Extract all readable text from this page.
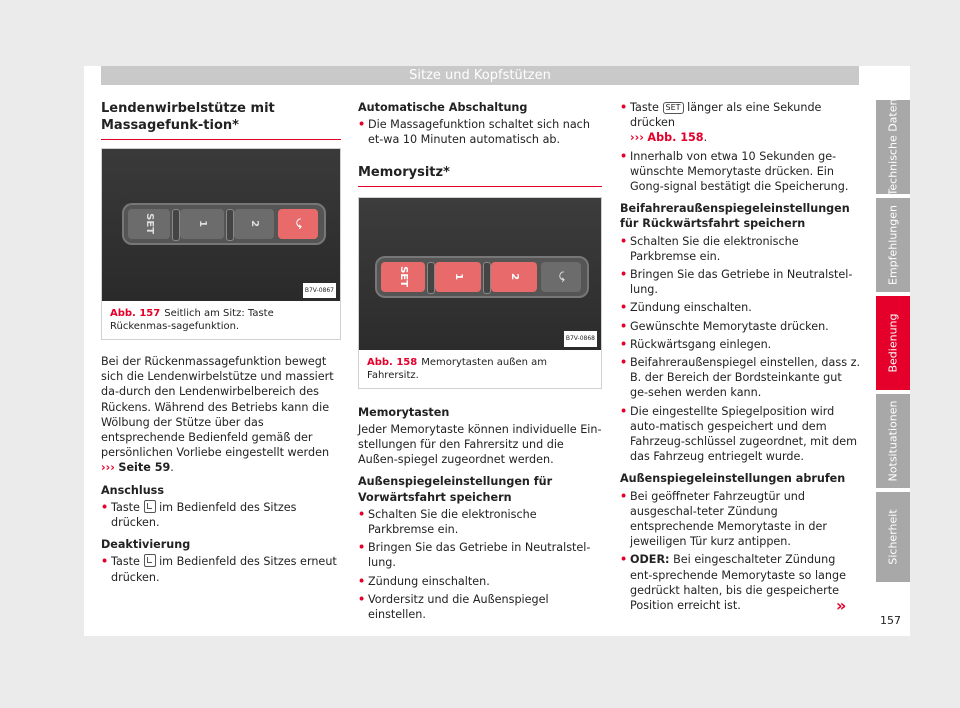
Sitze und Kopfstützen
Lendenwirbelstütze mit Massagefunk-tion*
SET	1	2	⤻
B7V-0867
Abb. 157 Seitlich am Sitz: Taste Rückenmas-sagefunktion.

Bei der Rückenmassagefunktion bewegt sich die Lendenwirbelstütze und massiert da-durch den Lendenwirbelbereich des Rückens. Während des Betriebs kann die Wölbung der Stütze über das entsprechende Bedienfeld gemäß der persönlichen Vorliebe eingestellt werden ››› Seite 59.

Anschluss
• Taste im Bedienfeld des Sitzes drücken.
Deaktivierung
• Taste im Bedienfeld des Sitzes erneut drücken.
Automatische Abschaltung
• Die Massagefunktion schaltet sich nach et-wa 10 Minuten automatisch ab.
Memorysitz*
SET	1	2	⤻
B7V-0868
Abb. 158 Memorytasten außen am Fahrersitz.
Memorytasten

Jeder Memorytaste können individuelle Ein-stellungen für den Fahrersitz und die Außen-spiegel zugeordnet werden.

Außenspiegeleinstellungen für Vorwärtsfahrt speichern
• Schalten Sie die elektronische Parkbremse ein.
• Bringen Sie das Getriebe in Neutralstel-lung.
• Zündung einschalten.
• Vordersitz und die Außenspiegel einstellen.
• Taste SET länger als eine Sekunde drücken
››› Abb. 158.
• Innerhalb von etwa 10 Sekunden ge-wünschte Memorytaste drücken. Ein Gong-signal bestätigt die Speicherung.
Beifahreraußenspiegeleinstellungen für Rückwärtsfahrt speichern
• Schalten Sie die elektronische Parkbremse ein.
• Bringen Sie das Getriebe in Neutralstel-lung.
• Zündung einschalten.
• Gewünschte Memorytaste drücken.
• Rückwärtsgang einlegen.
• Beifahreraußenspiegel einstellen, dass z. B. der Bereich der Bordsteinkante gut ge-sehen werden kann.
• Die eingestellte Spiegelposition wird auto-matisch gespeichert und dem Fahrzeug-schlüssel zugeordnet, mit dem das Fahrzeug entriegelt wurde.
Außenspiegeleinstellungen abrufen
• Bei geöffneter Fahrzeugtür und ausgeschal-teter Zündung entsprechende Memorytaste in der jeweiligen Tür kurz antippen.
• ODER: Bei eingeschalteter Zündung ent-sprechende Memorytaste so lange gedrückt halten, bis die gespeicherte Position erreicht ist.	»
Technische Daten
Empfehlungen
Bedienung
Notsituationen
Sicherheit
157
